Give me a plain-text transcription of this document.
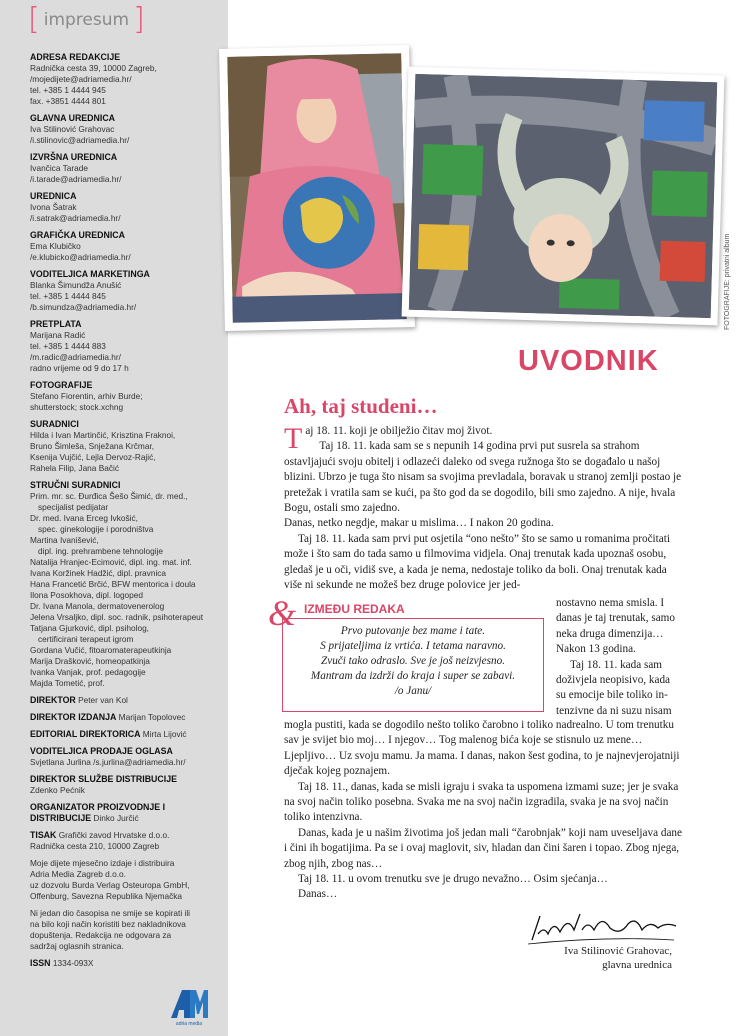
[ impresum ]
ADRESA REDAKCIJE
Radnička cesta 39, 10000 Zagreb,
/mojedijete@adriamedia.hr/
tel. +385 1 4444 945
fax. +3851 4444 801
GLAVNA UREDNICA
Iva Stilinović Grahovac
/i.stilinovic@adriamedia.hr/
IZVRŠNA UREDNICA
Ivančica Tarade
/i.tarade@adriamedia.hr/
UREDNICA
Ivona Šatrak
/i.satrak@adriamedia.hr/
GRAFIČKA UREDNICA
Ema Klubičko
/e.klubicko@adriamedia.hr/
VODITELJICA MARKETINGA
Blanka Šimundža Anušić
tel. +385 1 4444 845
/b.simundza@adriamedia.hr/
PRETPLATA
Marijana Radić
tel. +385 1 4444 883
/m.radic@adriamedia.hr/
radno vrijeme od 9 do 17 h
FOTOGRAFIJE
Stefano Fiorentin, arhiv Burde;
shutterstock; stock.xchng
SURADNICI
Hilda i Ivan Martinčić, Krisztina Fraknoi,
Bruno Šimleša, Snježana Krčmar,
Ksenija Vujčić, Lejla Dervoz-Rajić,
Rahela Filip, Jana Bačić
STRUČNI SURADNICI
Prim. mr. sc. Đurđica Šešo Šimić, dr. med.,
specijalist pedijatar
Dr. med. Ivana Erceg Ivkošić,
spec. ginekologije i porodništva
Martina Ivanišević,
dipl. ing. prehrambene tehnologije
Natalija Hranjec-Ecimović, dipl. ing. mat. inf.
Ivana Koržinek Hadžić, dipl. pravnica
Hana Francetić Brčić, BFW mentorica i doula
Ilona Posokhova, dipl. logoped
Dr. Ivana Manola, dermatovenerolog
Jelena Vrsaljko, dipl. soc. radnik, psihoterapeut
Tatjana Gjurković, dipl. psiholog,
certificirani terapeut igrom
Gordana Vučić, fitoaromaterapeutkinja
Marija Drašković, homeopatkinja
Ivanka Vanjak, prof. pedagogije
Majda Tometić, prof.
DIREKTOR Peter van Kol
DIREKTOR IZDANJA Marijan Topolovec
EDITORIAL DIREKTORICA Mirta Lijović
VODITELJICA PRODAJE OGLASA
Svjetlana Jurlina /s.jurlina@adriamedia.hr/
DIREKTOR SLUŽBE DISTRIBUCIJE
Zdenko Pećnik
ORGANIZATOR PROIZVODNJE I
DISTRIBUCIJE Dinko Jurčić
TISAK Grafički zavod Hrvatske d.o.o.
Radnička cesta 210, 10000 Zagreb
Moje dijete mjesečno izdaje i distribuira
Adria Media Zagreb d.o.o.
uz dozvolu Burda Verlag Osteuropa GmbH,
Offenburg, Savezna Republika Njemačka
Ni jedan dio časopisa ne smije se kopirati ili
na bilo koji način koristiti bez nakladnikova
dopuštenja. Redakcija ne odgovara za
sadržaj oglasnih stranica.
ISSN 1334-093X
adria media
FOTOGRAFIJE: privatni album
UVODNIK
Ah, taj studeni…

Taj 18. 11. koji je obilježio čitav moj život.

Taj 18. 11. kada sam se s nepunih 14 godina prvi put susrela sa strahom ostavljajući svoju obitelj i odlazeći daleko od svega ružnoga što se događalo u našoj blizini. Ubrzo je tuga što nisam sa svojima prevladala, boravak u stranoj zemlji postao je pretežak i vratila sam se kući, pa što god da se dogodilo, bili smo zajedno. A nije, hvala Bogu, ostali smo zajedno.

Danas, netko negdje, makar u mislima… I nakon 20 godina.

Taj 18. 11. kada sam prvi put osjetila “ono nešto” što se samo u romanima pročitati može i što sam do tada samo u filmovima vidjela. Onaj trenutak kada upoznaš osobu, gledaš je u oči, vidiš sve, a kada je nema, nedostaje toliko da boli. Onaj trenutak kada više ni sekunde ne možeš bez druge polovice jer jed-

& IZMEĐU REDAKA
Prvo putovanje bez mame i tate.
S prijateljima iz vrtića. I tetama naravno.
Zvuči tako odraslo. Sve je još neizvjesno.
Mantram da izdrži do kraja i super se zabavi.
/o Janu/

nostavno nema smisla. I danas je taj trenutak, samo neka druga dimenzija… Nakon 13 godina.

Taj 18. 11. kada sam doživjela neopisivo, kada su emocije bile toliko in-tenzivne da ni suzu nisam

mogla pustiti, kada se dogodilo nešto toliko čarobno i toliko nadrealno. U tom trenutku sav je svijet bio moj… I njegov… Tog malenog bića koje se stisnulo uz mene… Ljepljivo… Uz svoju mamu. Ja mama. I danas, nakon šest godina, to je najnevjerojatniji dječak kojeg poznajem.

Taj 18. 11., danas, kada se misli igraju i svaka ta uspomena izmami suze; jer je svaka na svoj način toliko posebna. Svaka me na svoj način izgradila, svaka je na svoj način toliko intenzivna.

Danas, kada je u našim životima još jedan mali “čarobnjak” koji nam uveseljava dane i čini ih bogatijima. Pa se i ovaj maglovit, siv, hladan dan čini šaren i topao. Zbog njega, zbog njih, zbog nas…

Taj 18. 11. u ovom trenutku sve je drugo nevažno… Osim sjećanja…

Danas…

Iva Stilinović Grahovac,
glavna urednica
